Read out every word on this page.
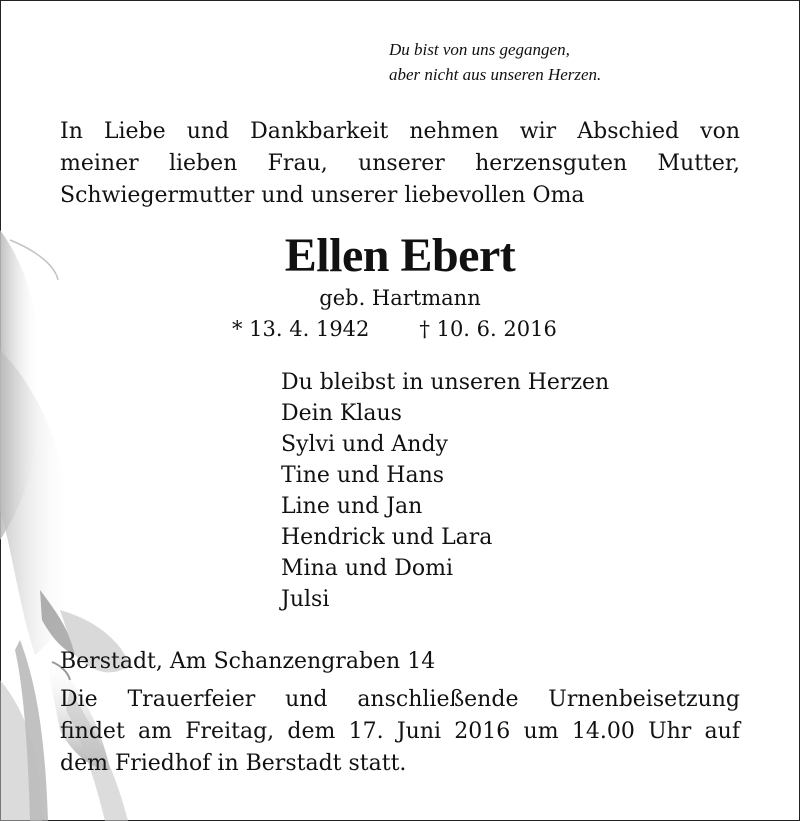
Du bist von uns gegangen,
aber nicht aus unseren Herzen.
In Liebe und Dankbarkeit nehmen wir Abschied von
meiner lieben Frau, unserer herzensguten Mutter,
Schwiegermutter und unserer liebevollen Oma
Ellen Ebert
geb. Hartmann
* 13. 4. 1942 † 10. 6. 2016
Du bleibst in unseren Herzen
Dein Klaus
Sylvi und Andy
Tine und Hans
Line und Jan
Hendrick und Lara
Mina und Domi
Julsi
Berstadt, Am Schanzengraben 14
Die Trauerfeier und anschließende Urnenbeisetzung
findet am Freitag, dem 17. Juni 2016 um 14.00 Uhr auf
dem Friedhof in Berstadt statt.
